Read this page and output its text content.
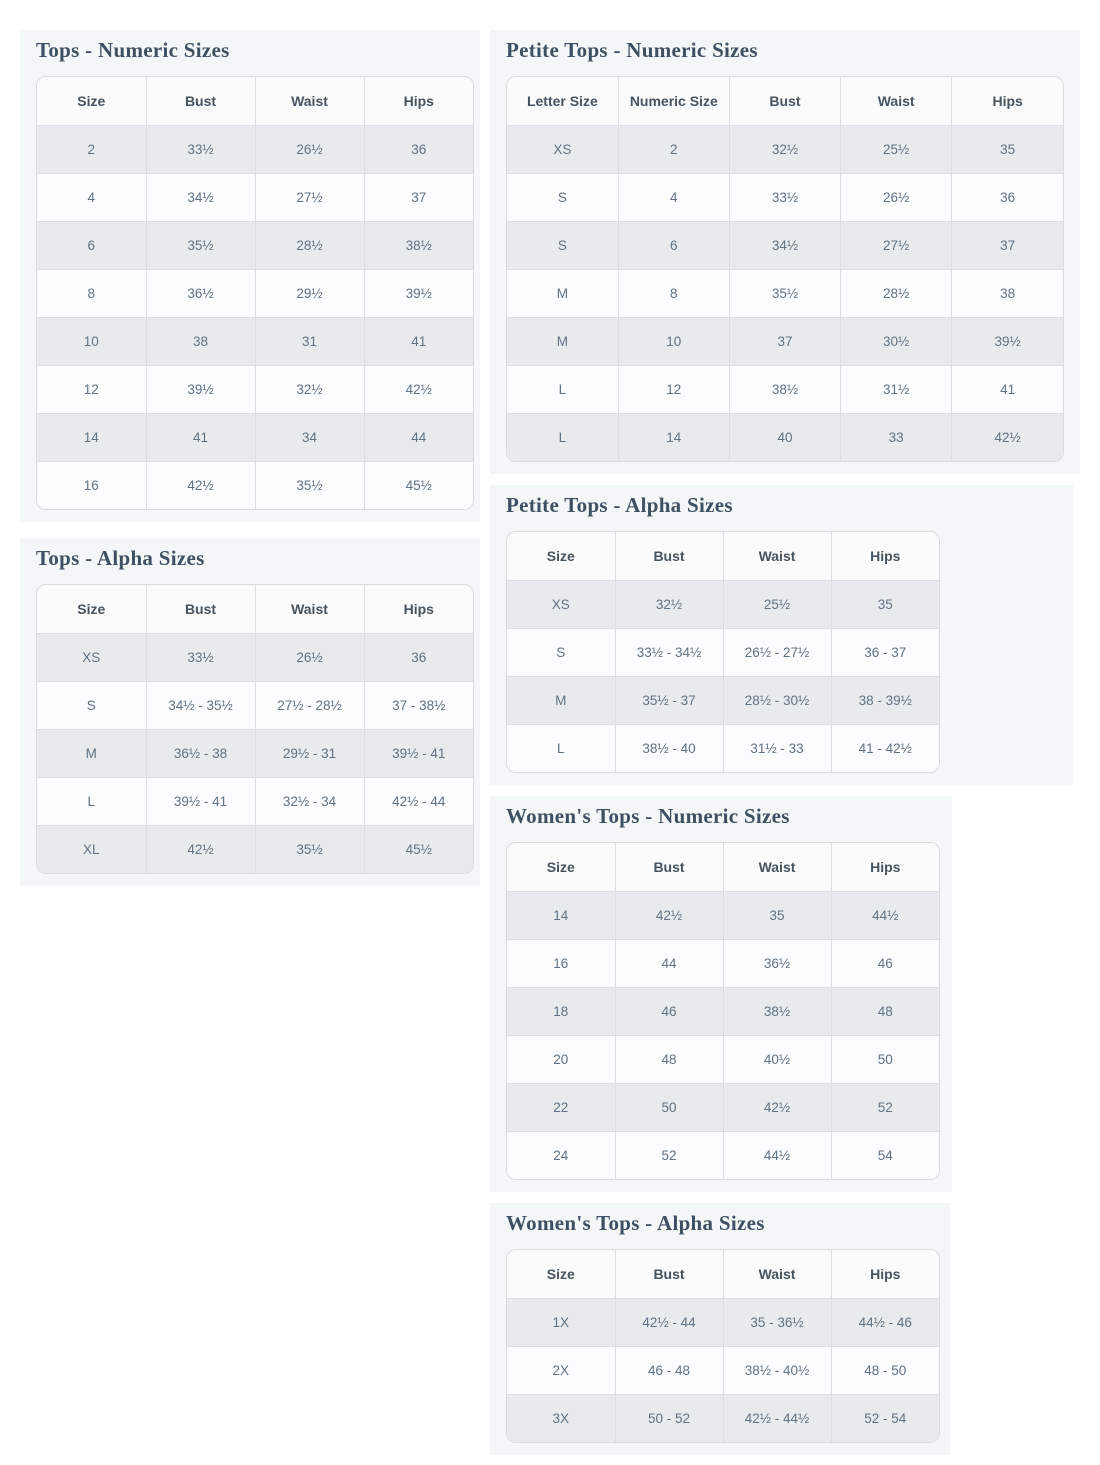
Tops - Numeric Sizes
Size	Bust	Waist	Hips
2	33½	26½	36
4	34½	27½	37
6	35½	28½	38½
8	36½	29½	39½
10	38	31	41
12	39½	32½	42½
14	41	34	44
16	42½	35½	45½
Tops - Alpha Sizes
Size	Bust	Waist	Hips
XS	33½	26½	36
S	34½ - 35½	27½ - 28½	37 - 38½
M	36½ - 38	29½ - 31	39½ - 41
L	39½ - 41	32½ - 34	42½ - 44
XL	42½	35½	45½
Petite Tops - Numeric Sizes
Letter Size	Numeric Size	Bust	Waist	Hips
XS	2	32½	25½	35
S	4	33½	26½	36
S	6	34½	27½	37
M	8	35½	28½	38
M	10	37	30½	39½
L	12	38½	31½	41
L	14	40	33	42½
Petite Tops - Alpha Sizes
Size	Bust	Waist	Hips
XS	32½	25½	35
S	33½ - 34½	26½ - 27½	36 - 37
M	35½ - 37	28½ - 30½	38 - 39½
L	38½ - 40	31½ - 33	41 - 42½
Women's Tops - Numeric Sizes
Size	Bust	Waist	Hips
14	42½	35	44½
16	44	36½	46
18	46	38½	48
20	48	40½	50
22	50	42½	52
24	52	44½	54
Women's Tops - Alpha Sizes
Size	Bust	Waist	Hips
1X	42½ - 44	35 - 36½	44½ - 46
2X	46 - 48	38½ - 40½	48 - 50
3X	50 - 52	42½ - 44½	52 - 54
